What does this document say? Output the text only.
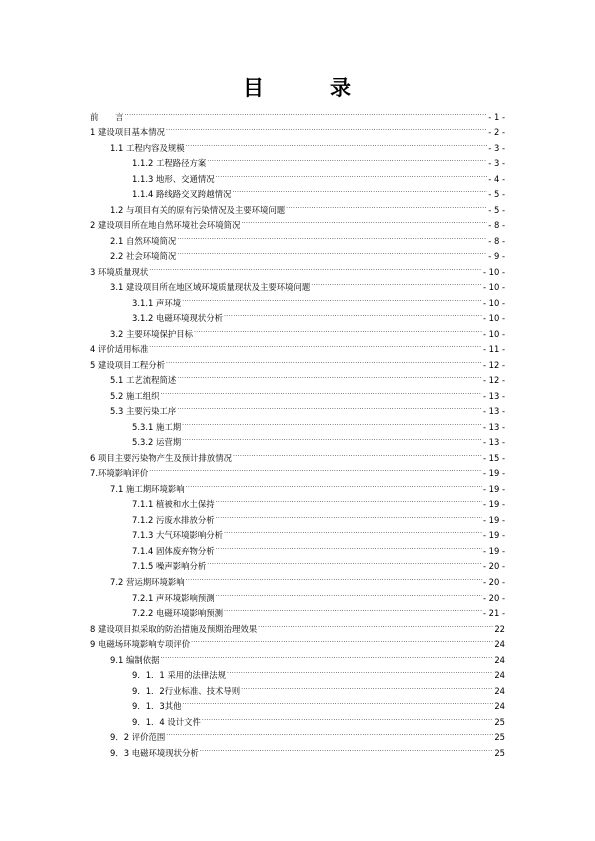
目	录
前　　言 .....	- 1 -
1 建设项目基本情况 .....	- 2 -
1.1 工程内容及规模 .....	- 3 -
1.1.2 工程路径方案 .....	- 3 -
1.1.3 地形、交通情况 .....	- 4 -
1.1.4 路线路交叉跨越情况 .....	- 5 -
1.2 与项目有关的原有污染情况及主要环境问题 .....	- 5 -
2 建设项目所在地自然环境社会环境简况 .....	- 8 -
2.1 自然环境简况 .....	- 8 -
2.2 社会环境简况 .....	- 9 -
3 环境质量现状 .....	- 10 -
3.1 建设项目所在地区域环境质量现状及主要环境问题 .....	- 10 -
3.1.1 声环境 .....	- 10 -
3.1.2 电磁环境现状分析 .....	- 10 -
3.2 主要环境保护目标 .....	- 10 -
4 评价适用标准 .....	- 11 -
5 建设项目工程分析 .....	- 12 -
5.1 工艺流程简述 .....	- 12 -
5.2 施工组织 .....	- 13 -
5.3 主要污染工序 .....	- 13 -
5.3.1 施工期 .....	- 13 -
5.3.2 运营期 .....	- 13 -
6 项目主要污染物产生及预计排放情况 .....	- 15 -
7.环境影响评价 .....	- 19 -
7.1 施工期环境影响 .....	- 19 -
7.1.1 植被和水土保持 .....	- 19 -
7.1.2 污废水排放分析 .....	- 19 -
7.1.3 大气环境影响分析 .....	- 19 -
7.1.4 固体废弃物分析 .....	- 19 -
7.1.5 噪声影响分析 .....	- 20 -
7.2 营运期环境影响 .....	- 20 -
7.2.1 声环境影响预测 .....	- 20 -
7.2.2 电磁环境影响预测 .....	- 21 -
8 建设项目拟采取的防治措施及预期治理效果 .....	22
9 电磁场环境影响专项评价 .....	24
9.1 编制依据 .....	24
9．1．1 采用的法律法规 .....	24
9．1．2行业标准、技术导则 .....	24
9．1．3其他 .....	24
9．1．4 设计文件 .....	25
9．2 评价范围 .....	25
9．3 电磁环境现状分析 .....	25
